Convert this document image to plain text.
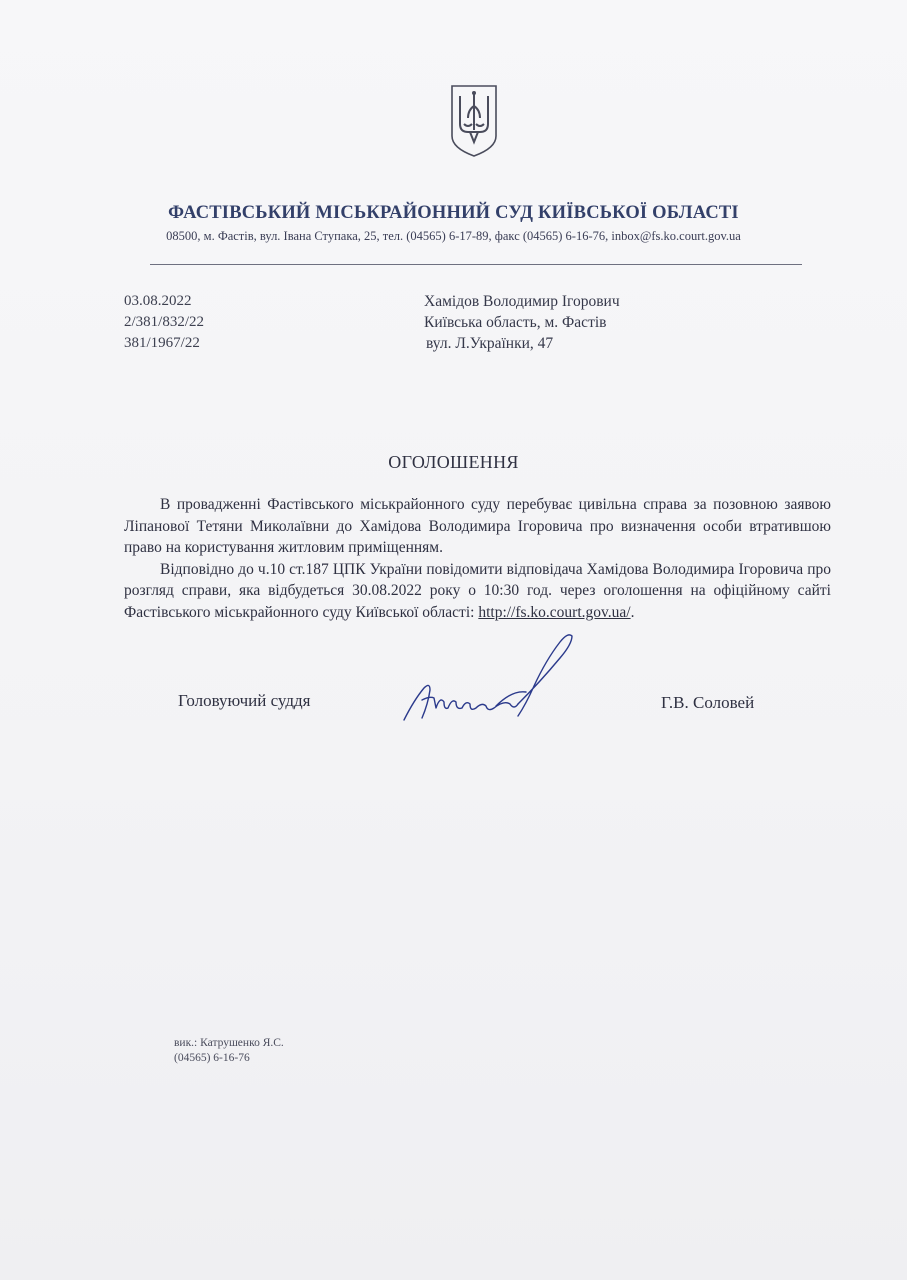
ФАСТІВСЬКИЙ МІСЬКРАЙОННИЙ СУД КИЇВСЬКОЇ ОБЛАСТІ
08500, м. Фастів, вул. Івана Ступака, 25, тел. (04565) 6-17-89, факс (04565) 6-16-76, inbox@fs.ko.court.gov.ua
03.08.2022
2/381/832/22
381/1967/22
Хамідов Володимир Ігорович
Київська область, м. Фастів
вул. Л.Українки, 47
ОГОЛОШЕННЯ

В провадженні Фастівського міськрайонного суду перебуває цивільна справа за позовною заявою Ліпанової Тетяни Миколаївни до Хамідова Володимира Ігоровича про визначення особи втратившою право на користування житловим приміщенням.

Відповідно до ч.10 ст.187 ЦПК України повідомити відповідача Хамідова Володимира Ігоровича про розгляд справи, яка відбудеться 30.08.2022 року о 10:30 год. через оголошення на офіційному сайті Фастівського міськрайонного суду Київської області: http://fs.ko.court.gov.ua/.

Головуючий суддя	Г.В. Соловей
вик.: Катрушенко Я.С.
(04565) 6-16-76
